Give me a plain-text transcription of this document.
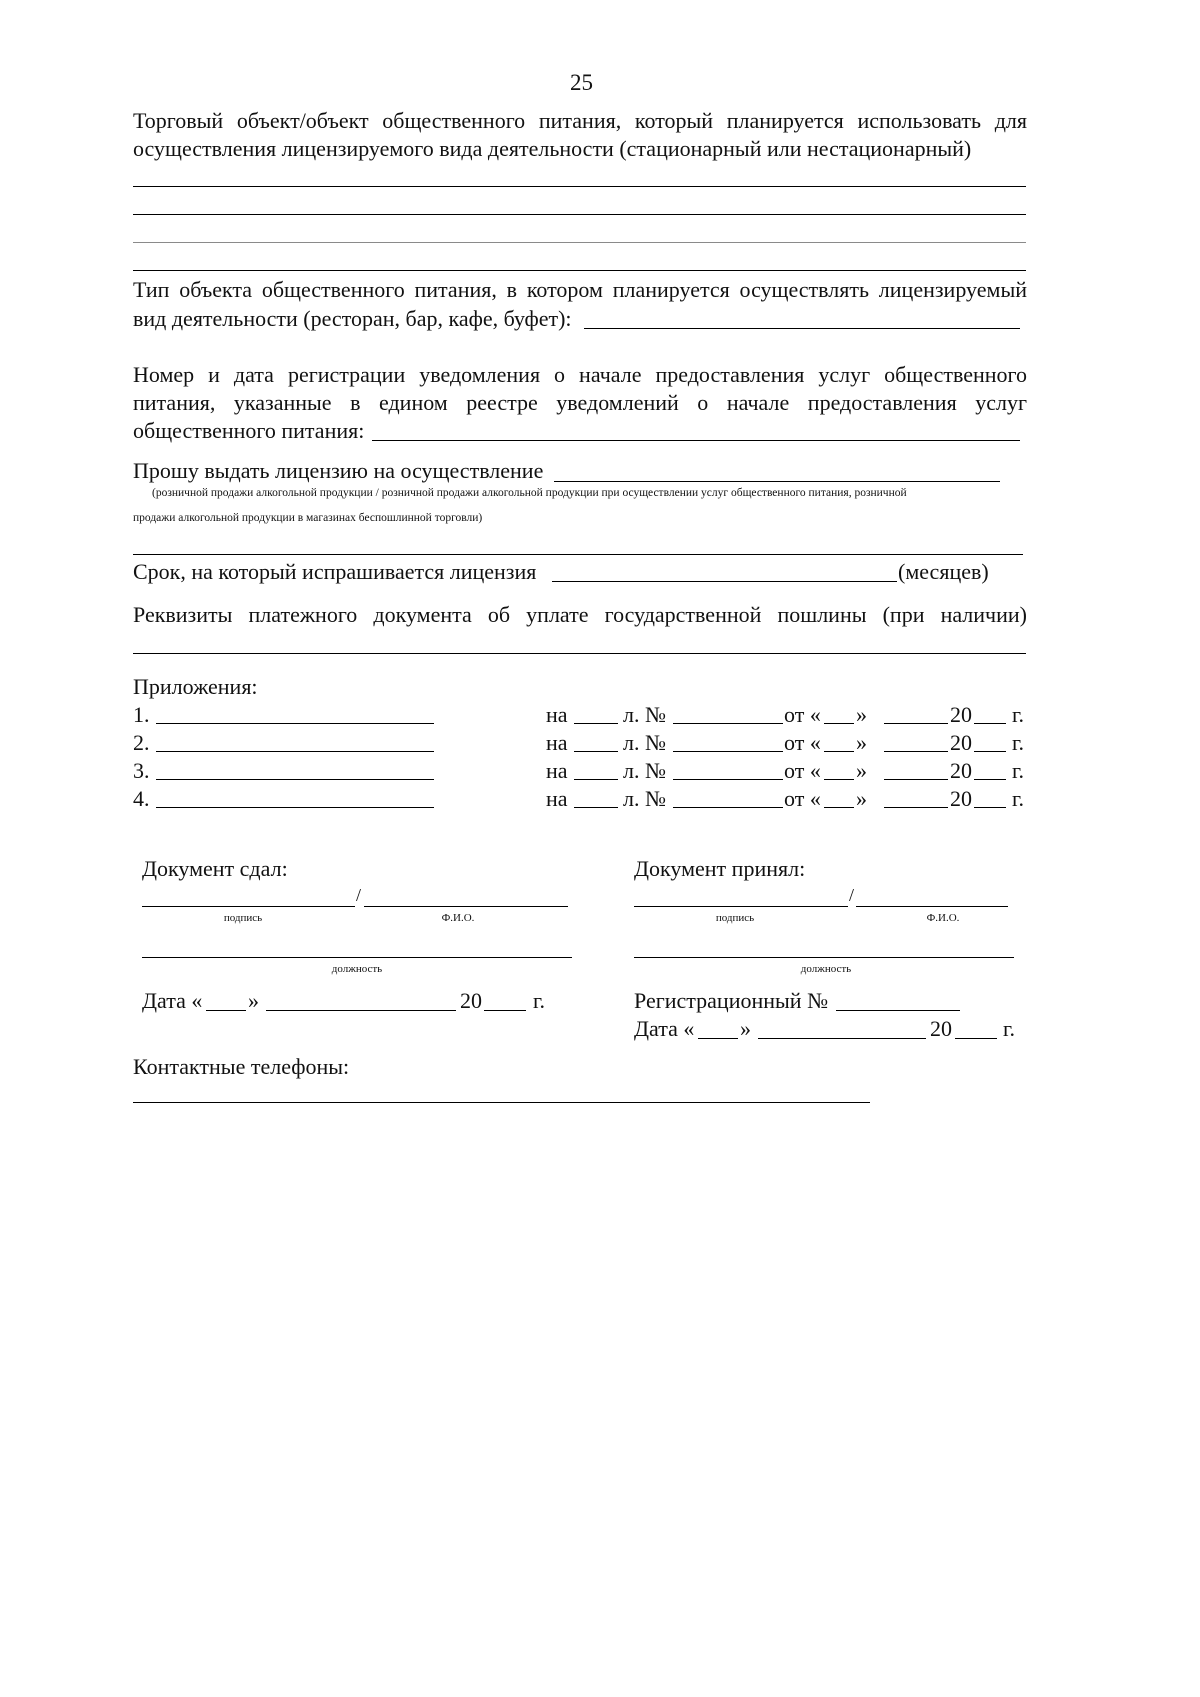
25
Торговый объект/объект общественного питания, который планируется использовать для
осуществления лицензируемого вида деятельности (стационарный или нестационарный)
Тип объекта общественного питания, в котором планируется осуществлять лицензируемый
вид деятельности (ресторан, бар, кафе, буфет):
Номер и дата регистрации уведомления о начале предоставления услуг общественного
питания, указанные в едином реестре уведомлений о начале предоставления услуг
общественного питания:
Прошу выдать лицензию на осуществление
(розничной продажи алкогольной продукции / розничной продажи алкогольной продукции при осуществлении услуг общественного питания, розничной
продажи алкогольной продукции в магазинах беспошлинной торговли)
Срок, на который испрашивается лицензия	(месяцев)
Реквизиты платежного документа об уплате государственной пошлины (при наличии)
Приложения:
1.	на	л. №	от « »	20 г.
2.	на	л. №	от « »	20 г.
3.	на	л. №	от « »	20 г.
4.	на	л. №	от « »	20 г.
Документ сдал:
/
подпись	Ф.И.О.
должность
Дата « »	20 г.
Документ принял:
/
подпись	Ф.И.О.
должность
Регистрационный №
Дата « »	20 г.
Контактные телефоны:
